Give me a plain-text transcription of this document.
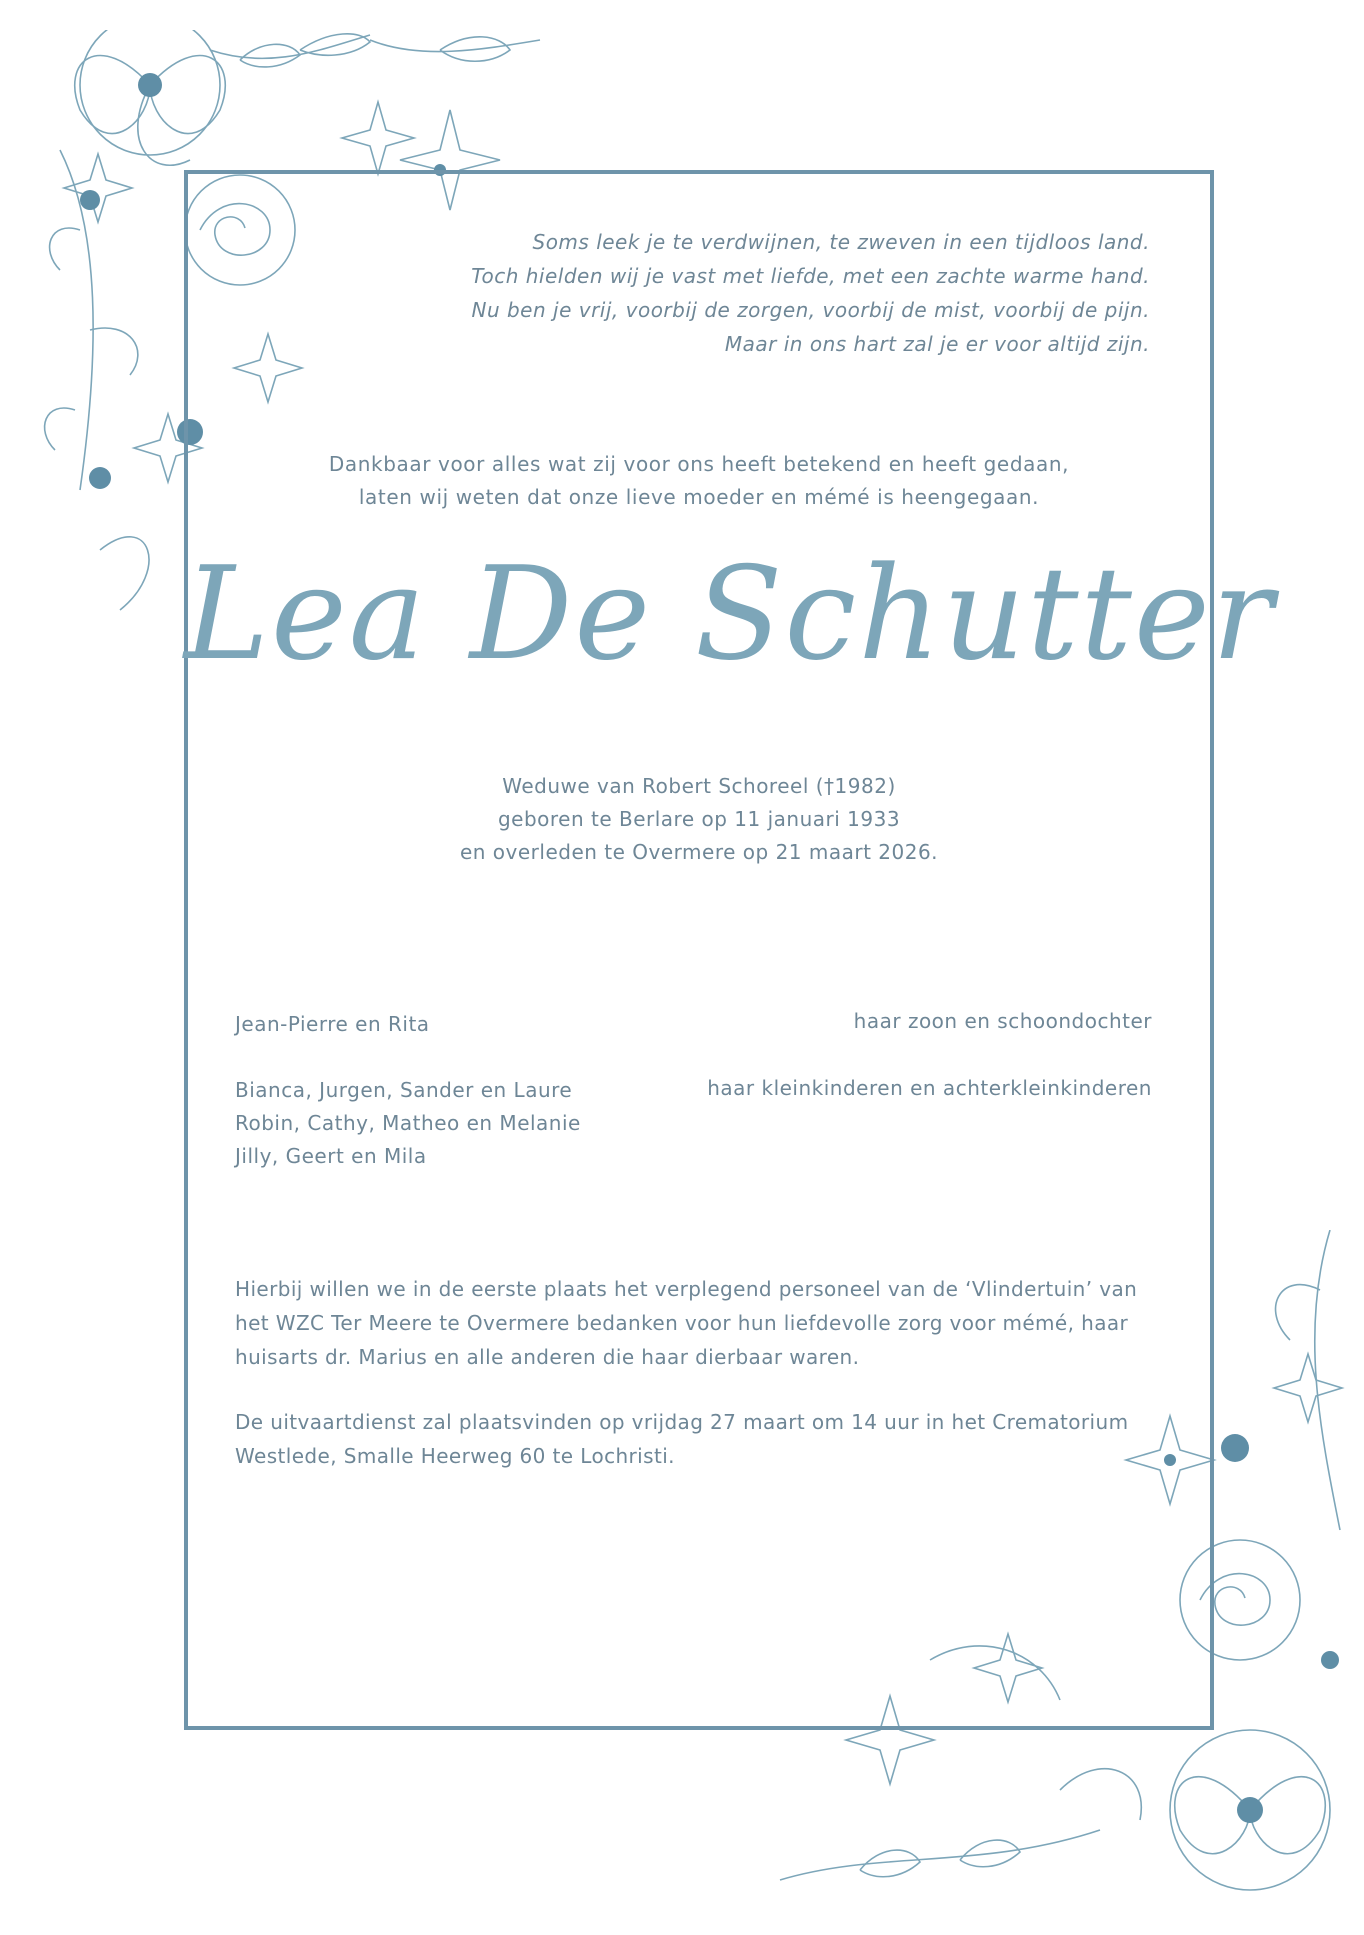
Soms leek je te verdwijnen, te zweven in een tijdloos land.
Toch hielden wij je vast met liefde, met een zachte warme hand.
Nu ben je vrij, voorbij de zorgen, voorbij de mist, voorbij de pijn.
Maar in ons hart zal je er voor altijd zijn.
Dankbaar voor alles wat zij voor ons heeft betekend en heeft gedaan,
laten wij weten dat onze lieve moeder en mémé is heengegaan.
Lea De Schutter
Weduwe van Robert Schoreel (†1982)
geboren te Berlare op 11 januari 1933
en overleden te Overmere op 21 maart 2026.
Jean-Pierre en Rita	haar zoon en schoondochter
Bianca, Jurgen, Sander en Laure
Robin, Cathy, Matheo en Melanie
Jilly, Geert en Mila
haar kleinkinderen en achterkleinkinderen
Hierbij willen we in de eerste plaats het verplegend personeel van de ‘Vlindertuin’ van
het WZC Ter Meere te Overmere bedanken voor hun liefdevolle zorg voor mémé, haar
huisarts dr. Marius en alle anderen die haar dierbaar waren.
De uitvaartdienst zal plaatsvinden op vrijdag 27 maart om 14 uur in het Crematorium
Westlede, Smalle Heerweg 60 te Lochristi.
